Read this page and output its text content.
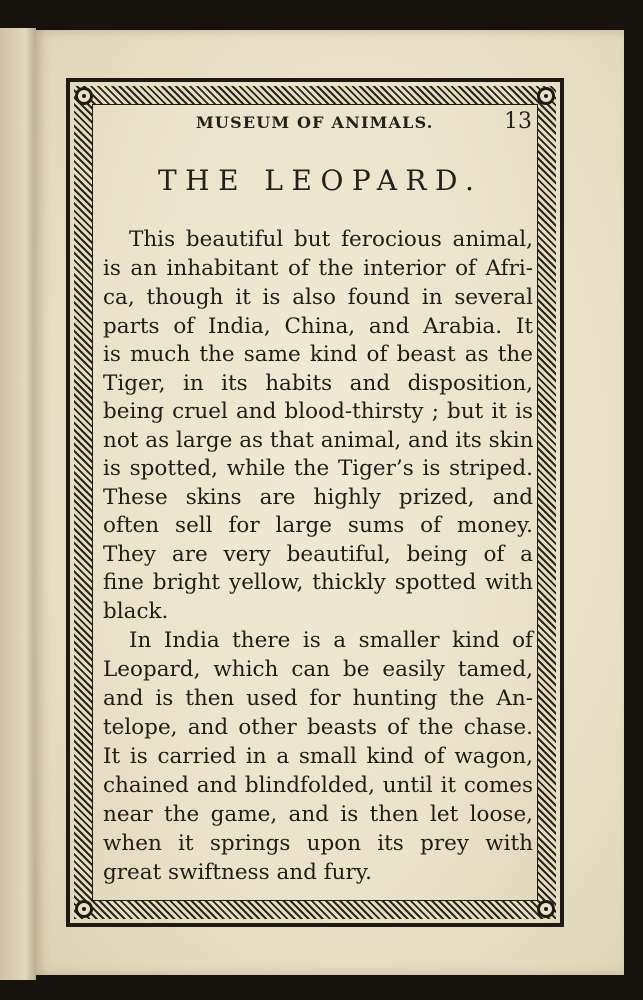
MUSEUM OF ANIMALS.	13
THE LEOPARD.
This beautiful but ferocious animal,
is an inhabitant of the interior of Afri-
ca, though it is also found in several
parts of India, China, and Arabia. It
is much the same kind of beast as the
Tiger, in its habits and disposition,
being cruel and blood-thirsty ; but it is
not as large as that animal, and its skin
is spotted, while the Tiger’s is striped.
These skins are highly prized, and
often sell for large sums of money.
They are very beautiful, being of a
fine bright yellow, thickly spotted with
black.
In India there is a smaller kind of
Leopard, which can be easily tamed,
and is then used for hunting the An-
telope, and other beasts of the chase.
It is carried in a small kind of wagon,
chained and blindfolded, until it comes
near the game, and is then let loose,
when it springs upon its prey with
great swiftness and fury.
